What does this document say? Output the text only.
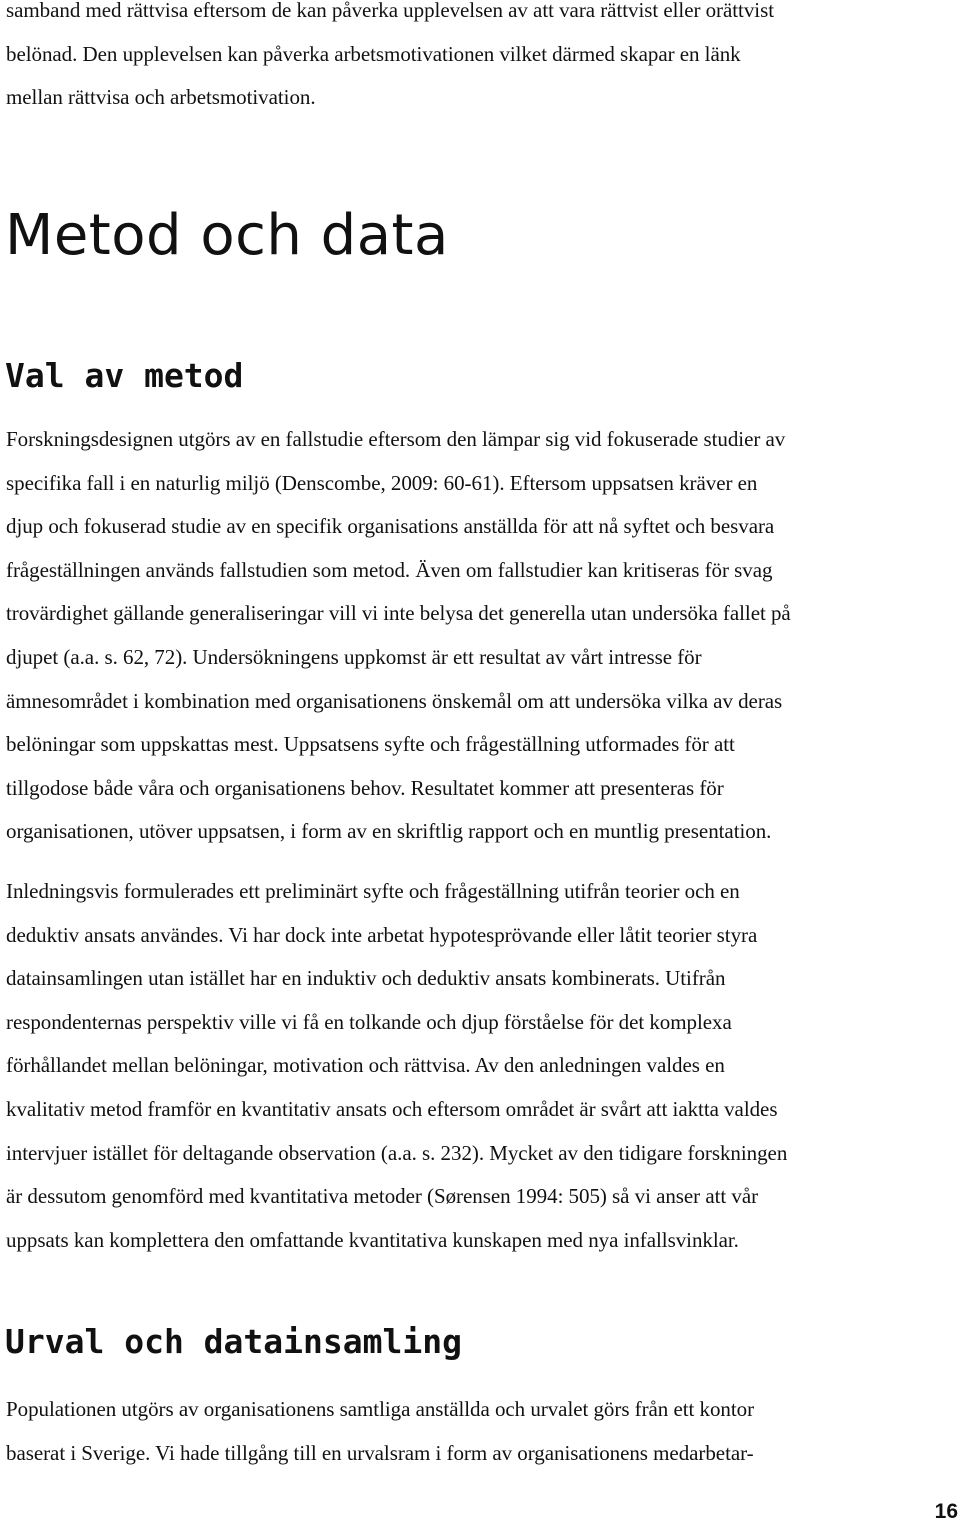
samband med rättvisa eftersom de kan påverka upplevelsen av att vara rättvist eller orättvist
belönad. Den upplevelsen kan påverka arbetsmotivationen vilket därmed skapar en länk
mellan rättvisa och arbetsmotivation.

Metod och data
Val av metod

Forskningsdesignen utgörs av en fallstudie eftersom den lämpar sig vid fokuserade studier av
specifika fall i en naturlig miljö (Denscombe, 2009: 60-61). Eftersom uppsatsen kräver en
djup och fokuserad studie av en specifik organisations anställda för att nå syftet och besvara
frågeställningen används fallstudien som metod. Även om fallstudier kan kritiseras för svag
trovärdighet gällande generaliseringar vill vi inte belysa det generella utan undersöka fallet på
djupet (a.a. s. 62, 72). Undersökningens uppkomst är ett resultat av vårt intresse för
ämnesområdet i kombination med organisationens önskemål om att undersöka vilka av deras
belöningar som uppskattas mest. Uppsatsens syfte och frågeställning utformades för att
tillgodose både våra och organisationens behov. Resultatet kommer att presenteras för
organisationen, utöver uppsatsen, i form av en skriftlig rapport och en muntlig presentation.

Inledningsvis formulerades ett preliminärt syfte och frågeställning utifrån teorier och en
deduktiv ansats användes. Vi har dock inte arbetat hypotesprövande eller låtit teorier styra
datainsamlingen utan istället har en induktiv och deduktiv ansats kombinerats. Utifrån
respondenternas perspektiv ville vi få en tolkande och djup förståelse för det komplexa
förhållandet mellan belöningar, motivation och rättvisa. Av den anledningen valdes en
kvalitativ metod framför en kvantitativ ansats och eftersom området är svårt att iaktta valdes
intervjuer istället för deltagande observation (a.a. s. 232). Mycket av den tidigare forskningen
är dessutom genomförd med kvantitativa metoder (Sørensen 1994: 505) så vi anser att vår
uppsats kan komplettera den omfattande kvantitativa kunskapen med nya infallsvinklar.

Urval och datainsamling

Populationen utgörs av organisationens samtliga anställda och urvalet görs från ett kontor
baserat i Sverige. Vi hade tillgång till en urvalsram i form av organisationens medarbetar-

16
